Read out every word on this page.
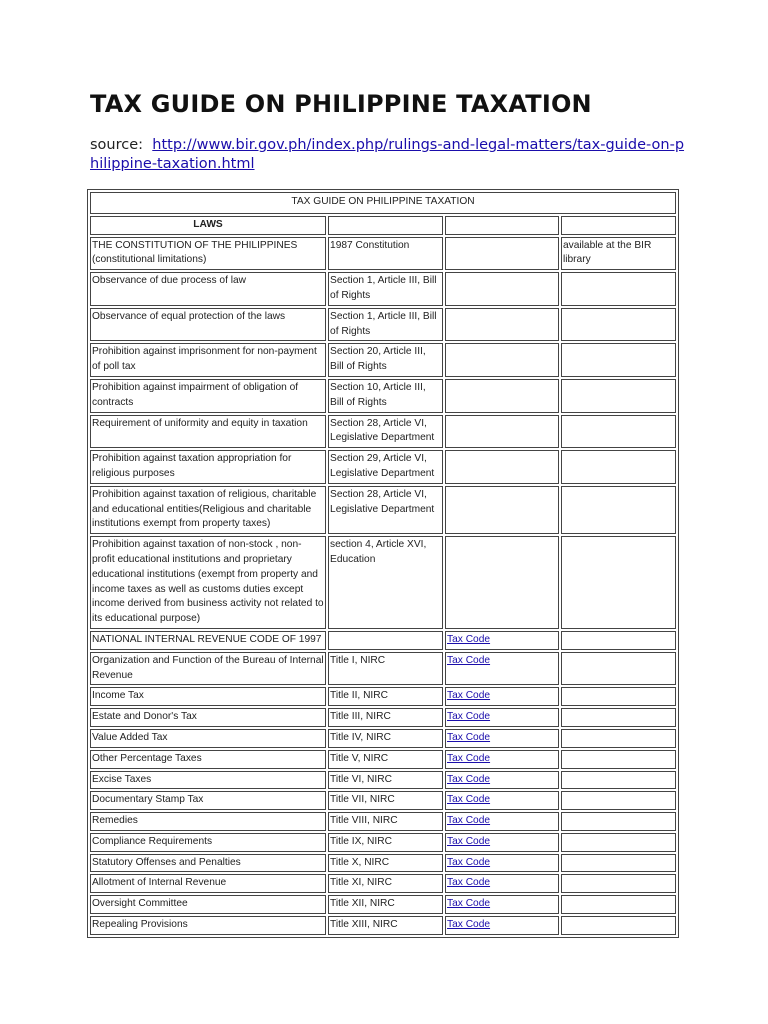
TAX GUIDE ON PHILIPPINE TAXATION
source: http://www.bir.gov.ph/index.php/rulings-and-legal-matters/tax-guide-on-philippine-taxation.html
TAX GUIDE ON PHILIPPINE TAXATION			
LAWS			
THE CONSTITUTION OF THE PHILIPPINES (constitutional limitations)	1987 Constitution		available at the BIR library
Observance of due process of law	Section 1, Article III, Bill of Rights		
Observance of equal protection of the laws	Section 1, Article III, Bill of Rights		
Prohibition against imprisonment for non-payment of poll tax	Section 20, Article III, Bill of Rights		
Prohibition against impairment of obligation of contracts	Section 10, Article III, Bill of Rights		
Requirement of uniformity and equity in taxation	Section 28, Article VI, Legislative Department		
Prohibition against taxation appropriation for religious purposes	Section 29, Article VI, Legislative Department		
Prohibition against taxation of religious, charitable and educational entities(Religious and charitable institutions exempt from property taxes)	Section 28, Article VI, Legislative Department		
Prohibition against taxation of non-stock , non-profit educational institutions and proprietary educational institutions (exempt from property and income taxes as well as customs duties except income derived from business activity not related to its educational purpose)	section 4, Article XVI, Education		
NATIONAL INTERNAL REVENUE CODE OF 1997		Tax Code	
Organization and Function of the Bureau of Internal Revenue	Title I, NIRC	Tax Code	
Income Tax	Title II, NIRC	Tax Code	
Estate and Donor's Tax	Title III, NIRC	Tax Code	
Value Added Tax	Title IV, NIRC	Tax Code	
Other Percentage Taxes	Title V, NIRC	Tax Code	
Excise Taxes	Title VI, NIRC	Tax Code	
Documentary Stamp Tax	Title VII, NIRC	Tax Code	
Remedies	Title VIII, NIRC	Tax Code	
Compliance Requirements	Title IX, NIRC	Tax Code	
Statutory Offenses and Penalties	Title X, NIRC	Tax Code	
Allotment of Internal Revenue	Title XI, NIRC	Tax Code	
Oversight Committee	Title XII, NIRC	Tax Code	
Repealing Provisions	Title XIII, NIRC	Tax Code	
